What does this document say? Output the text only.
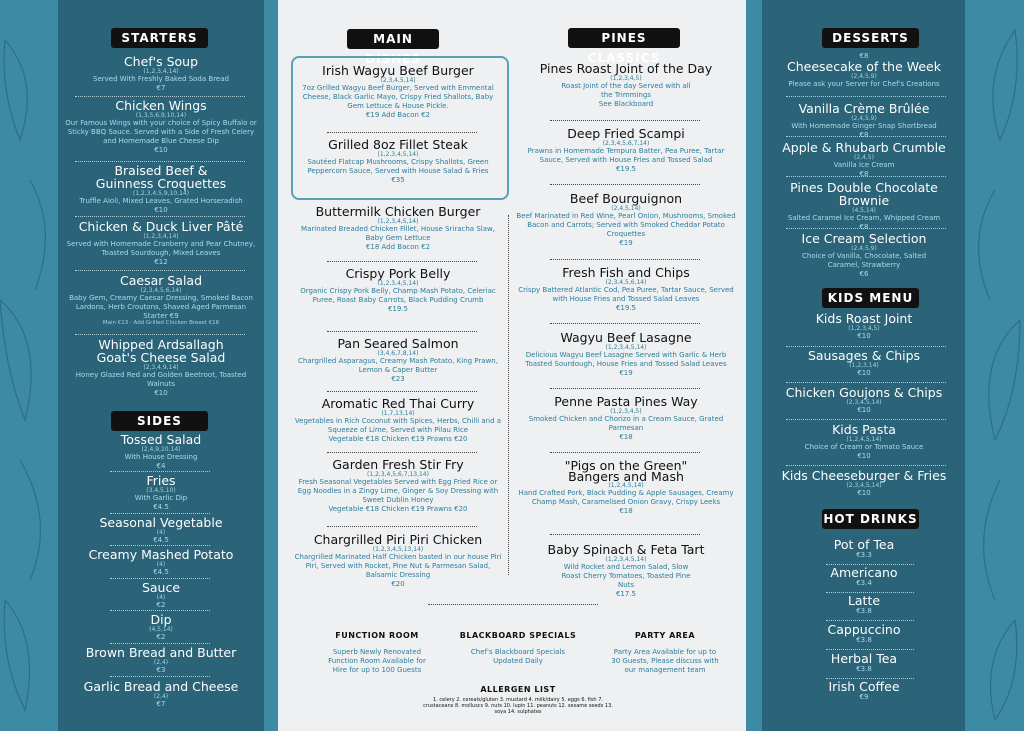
STARTERS
Chef's Soup
(1,2,3,4,14)
Served With Freshly Baked Soda Bread
€7
Chicken Wings
(1,3,5,6,9,10,14)
Our Famous Wings with your choice of Spicy Buffalo or Sticky BBQ Sauce. Served with a Side of Fresh Celery and Homemade Blue Cheese Dip
€10
Braised Beef & Guinness Croquettes
(1,2,3,4,5,9,10,14)
Truffle Aioli, Mixed Leaves, Grated Horseradish
€10
Chicken & Duck Liver Pâté
(1,2,3,4,14)
Served with Homemade Cranberry and Pear Chutney, Toasted Sourdough, Mixed Leaves
€12
Caesar Salad
(2,3,4,5,6,14)
Baby Gem, Creamy Caesar Dressing, Smoked Bacon Lardons, Herb Croutons, Shaved Aged Parmesan
Starter €9
Main €13 · Add Grilled Chicken Breast €16
Whipped Ardsallagh Goat's Cheese Salad
(2,3,4,9,14)
Honey Glazed Red and Golden Beetroot, Toasted Walnuts
€10
SIDES
Tossed Salad
(2,4,9,10,14)
With House Dressing
€4
Fries
(3,4,5,10)
With Garlic Dip
€4.5
Seasonal Vegetable
(4)
€4.5
Creamy Mashed Potato
(4)
€4.5
Sauce
(4)
€2
Dip
(4,5,14)
€2
Brown Bread and Butter
(2,4)
€3
Garlic Bread and Cheese
(2,4)
€7
MAIN DISHES
Irish Wagyu Beef Burger
(2,3,4,5,14)
7oz Grilled Wagyu Beef Burger, Served with Emmental Cheese, Black Garlic Mayo, Crispy Fried Shallots, Baby Gem Lettuce & House Pickle.
€19 Add Bacon €2
Grilled 8oz Fillet Steak
(1,2,3,4,5,14)
Sautéed Flatcap Mushrooms, Crispy Shallots, Green Peppercorn Sauce, Served with House Salad & Fries
€35
Buttermilk Chicken Burger
(1,2,3,4,5,14)
Marinated Breaded Chicken Fillet, House Sriracha Slaw, Baby Gem Lettuce
€18 Add Bacon €2
Crispy Pork Belly
(1,2,3,4,5,14)
Organic Crispy Pork Belly, Champ Mash Potato, Celeriac Puree, Roast Baby Carrots, Black Pudding Crumb
€19.5
Pan Seared Salmon
(3,4,6,7,8,14)
Chargrilled Asparagus, Creamy Mash Potato, King Prawn, Lemon & Caper Butter
€23
Aromatic Red Thai Curry
(1,7,13,14)
Vegetables in Rich Coconut with Spices, Herbs, Chilli and a Squeeze of Lime, Served with Pilau Rice
Vegetable €18 Chicken €19 Prawns €20
Garden Fresh Stir Fry
(1,2,3,4,5,6,7,13,14)
Fresh Seasonal Vegetables Served with Egg Fried Rice or Egg Noodles in a Zingy Lime, Ginger & Soy Dressing with Sweet Dublin Honey
Vegetable €18 Chicken €19 Prawns €20
Chargrilled Piri Piri Chicken
(1,2,3,4,5,13,14)
Chargrilled Marinated Half Chicken basted in our house Piri Piri, Served with Rocket, Pine Nut & Parmesan Salad, Balsamic Dressing
€20
PINES CLASSICS
Pines Roast Joint of the Day
(1,2,3,4,5)
Roast Joint of the day Served with all the Trimmings
See Blackboard
Deep Fried Scampi
(2,3,4,5,6,7,14)
Prawns in Homemade Tempura Batter, Pea Puree, Tartar Sauce, Served with House Fries and Tossed Salad
€19.5
Beef Bourguignon
(2,4,5,14)
Beef Marinated in Red Wine, Pearl Onion, Mushrooms, Smoked Bacon and Carrots; Served with Smoked Cheddar Potato Croquettes
€19
Fresh Fish and Chips
(2,3,4,5,6,14)
Crispy Battered Atlantic Cod, Pea Puree, Tartar Sauce, Served with House Fries and Tossed Salad Leaves
€19.5
Wagyu Beef Lasagne
(1,2,3,4,5,14)
Delicious Wagyu Beef Lasagne Served with Garlic & Herb Toasted Sourdough, House Fries and Tossed Salad Leaves
€19
Penne Pasta Pines Way
(1,2,3,4,5)
Smoked Chicken and Chorizo in a Cream Sauce, Grated Parmesan
€18
"Pigs on the Green" Bangers and Mash
(1,2,4,5,14)
Hand Crafted Pork, Black Pudding & Apple Sausages, Creamy Champ Mash, Caramelised Onion Gravy, Crispy Leeks
€18
Baby Spinach & Feta Tart
(1,2,3,4,5,14)
Wild Rocket and Lemon Salad, Slow Roast Cherry Tomatoes, Toasted Pine Nuts
€17.5
FUNCTION ROOM
Superb Newly Renovated Function Room Available for Hire for up to 100 Guests
BLACKBOARD SPECIALS
Chef's Blackboard Specials Updated Daily
PARTY AREA
Party Area Available for up to 30 Guests, Please discuss with our management team
ALLERGEN LIST
1. celery 2. cereals/gluten 3. mustard 4. milk/dairy 5. eggs 6. fish 7. crustaceans 8. molluscs 9. nuts 10. lupin 11. peanuts 12. sesame seeds 13. soya 14. sulphates
DESSERTS
€8
Cheesecake of the Week
(2,4,5,9)
Please ask your Server for Chef's Creations
Vanilla Crème Brûlée
(2,4,5,9)
With Homemade Ginger Snap Shortbread
€8
Apple & Rhubarb Crumble
(2,4,5)
Vanilla Ice Cream
€8
Pines Double Chocolate Brownie
(4,5,14)
Salted Caramel Ice Cream, Whipped Cream
€8
Ice Cream Selection
(2,4,5,9)
Choice of Vanilla, Chocolate, Salted Caramel, Strawberry
€6
KIDS MENU
Kids Roast Joint
(1,2,3,4,5)
€10
Sausages & Chips
(1,2,3,14)
€10
Chicken Goujons & Chips
(2,3,4,5,14)
€10
Kids Pasta
(1,2,4,5,14)
Choice of Cream or Tomato Sauce
€10
Kids Cheeseburger & Fries
(2,3,4,5,14)
€10
HOT DRINKS
Pot of Tea
€3.3
Americano
€3.4
Latte
€3.8
Cappuccino
€3.8
Herbal Tea
€3.8
Irish Coffee
€9
